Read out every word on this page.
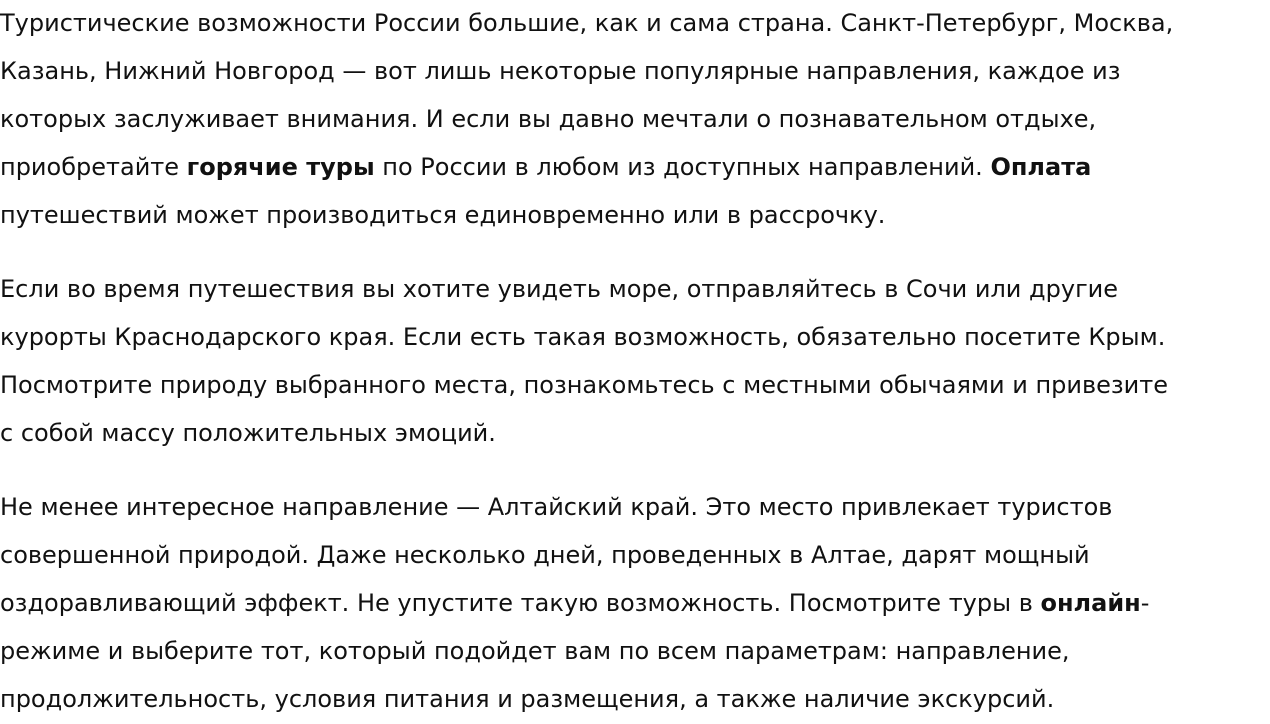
Туристические возможности России большие, как и сама страна. Санкт-Петербург, Москва,
Казань, Нижний Новгород — вот лишь некоторые популярные направления, каждое из
которых заслуживает внимания. И если вы давно мечтали о познавательном отдыхе,
приобретайте горячие туры по России в любом из доступных направлений. Оплата
путешествий может производиться единовременно или в рассрочку.

Если во время путешествия вы хотите увидеть море, отправляйтесь в Сочи или другие
курорты Краснодарского края. Если есть такая возможность, обязательно посетите Крым.
Посмотрите природу выбранного места, познакомьтесь с местными обычаями и привезите
с собой массу положительных эмоций.

Не менее интересное направление — Алтайский край. Это место привлекает туристов
совершенной природой. Даже несколько дней, проведенных в Алтае, дарят мощный
оздоравливающий эффект. Не упустите такую возможность. Посмотрите туры в онлайн-
режиме и выберите тот, который подойдет вам по всем параметрам: направление,
продолжительность, условия питания и размещения, а также наличие экскурсий.
